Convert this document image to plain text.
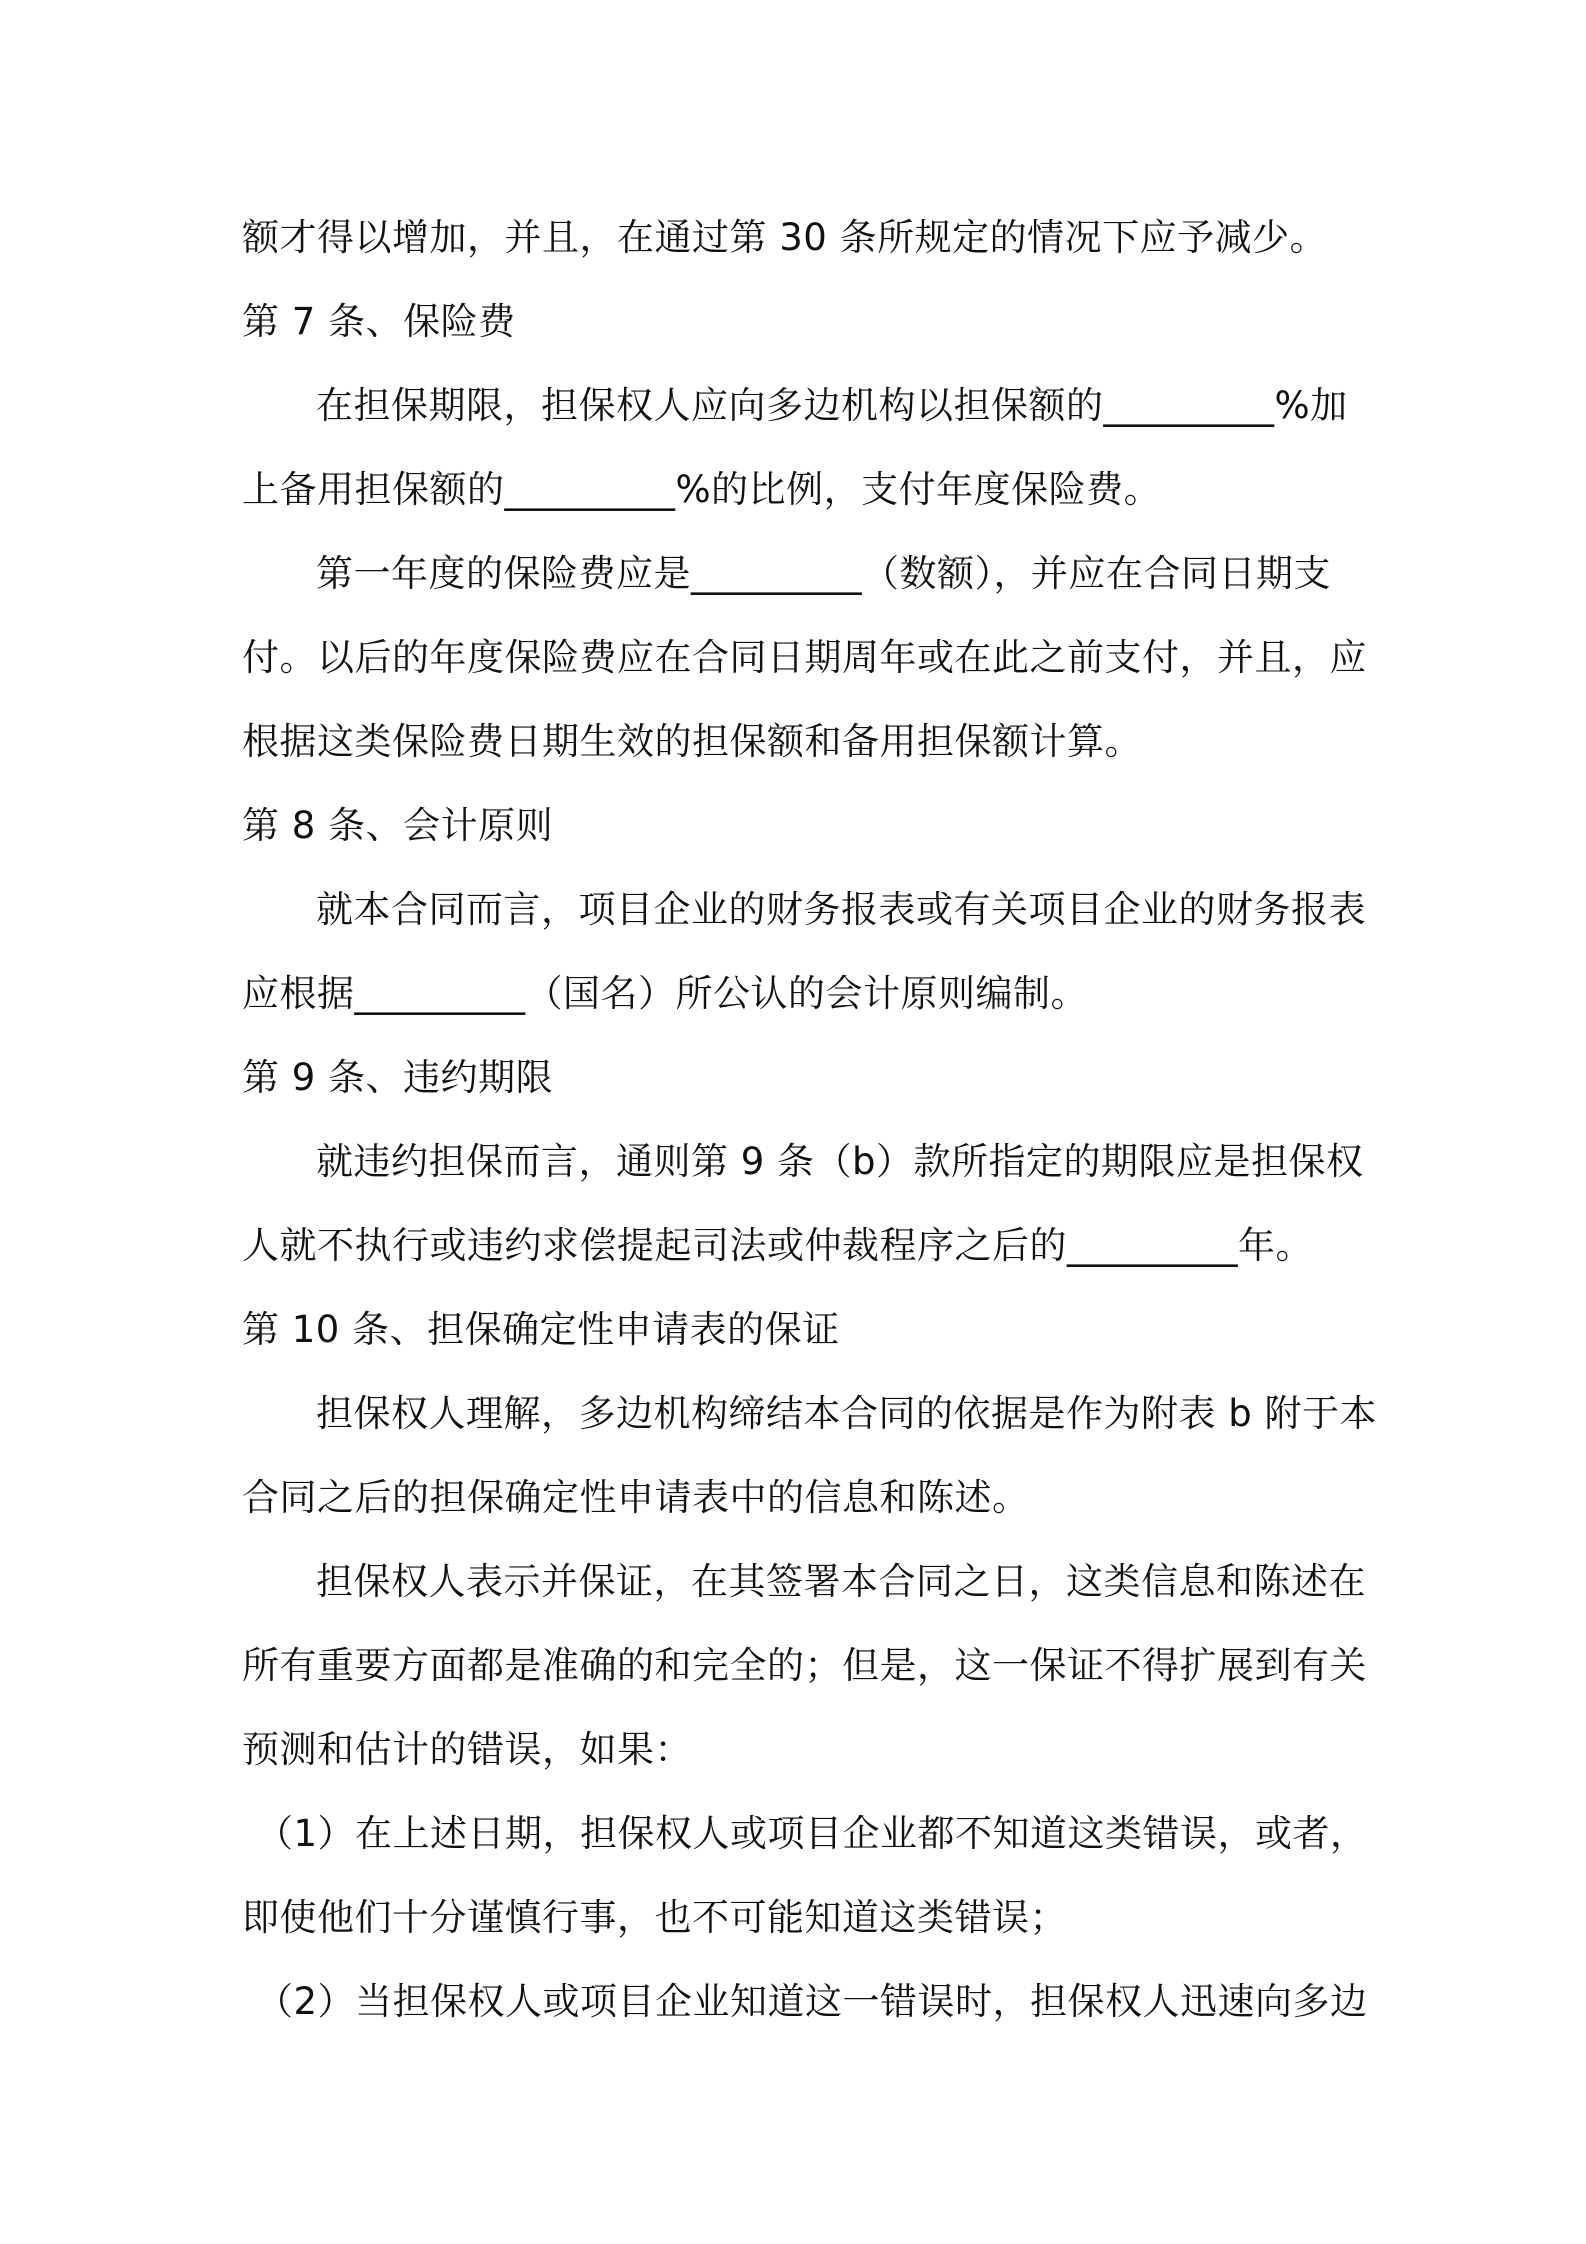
额才得以增加，并且，在通过第 30 条所规定的情况下应予减少。
第 7 条、保险费
在担保期限，担保权人应向多边机构以担保额的_________%加
上备用担保额的_________%的比例，支付年度保险费。
第一年度的保险费应是_________（数额），并应在合同日期支
付。以后的年度保险费应在合同日期周年或在此之前支付，并且，应
根据这类保险费日期生效的担保额和备用担保额计算。
第 8 条、会计原则
就本合同而言，项目企业的财务报表或有关项目企业的财务报表
应根据_________（国名）所公认的会计原则编制。
第 9 条、违约期限
就违约担保而言，通则第 9 条（b）款所指定的期限应是担保权
人就不执行或违约求偿提起司法或仲裁程序之后的_________年。
第 10 条、担保确定性申请表的保证
担保权人理解，多边机构缔结本合同的依据是作为附表 b 附于本
合同之后的担保确定性申请表中的信息和陈述。
担保权人表示并保证，在其签署本合同之日，这类信息和陈述在
所有重要方面都是准确的和完全的；但是，这一保证不得扩展到有关
预测和估计的错误，如果：
（1）在上述日期，担保权人或项目企业都不知道这类错误，或者，
即使他们十分谨慎行事，也不可能知道这类错误；
（2）当担保权人或项目企业知道这一错误时，担保权人迅速向多边
